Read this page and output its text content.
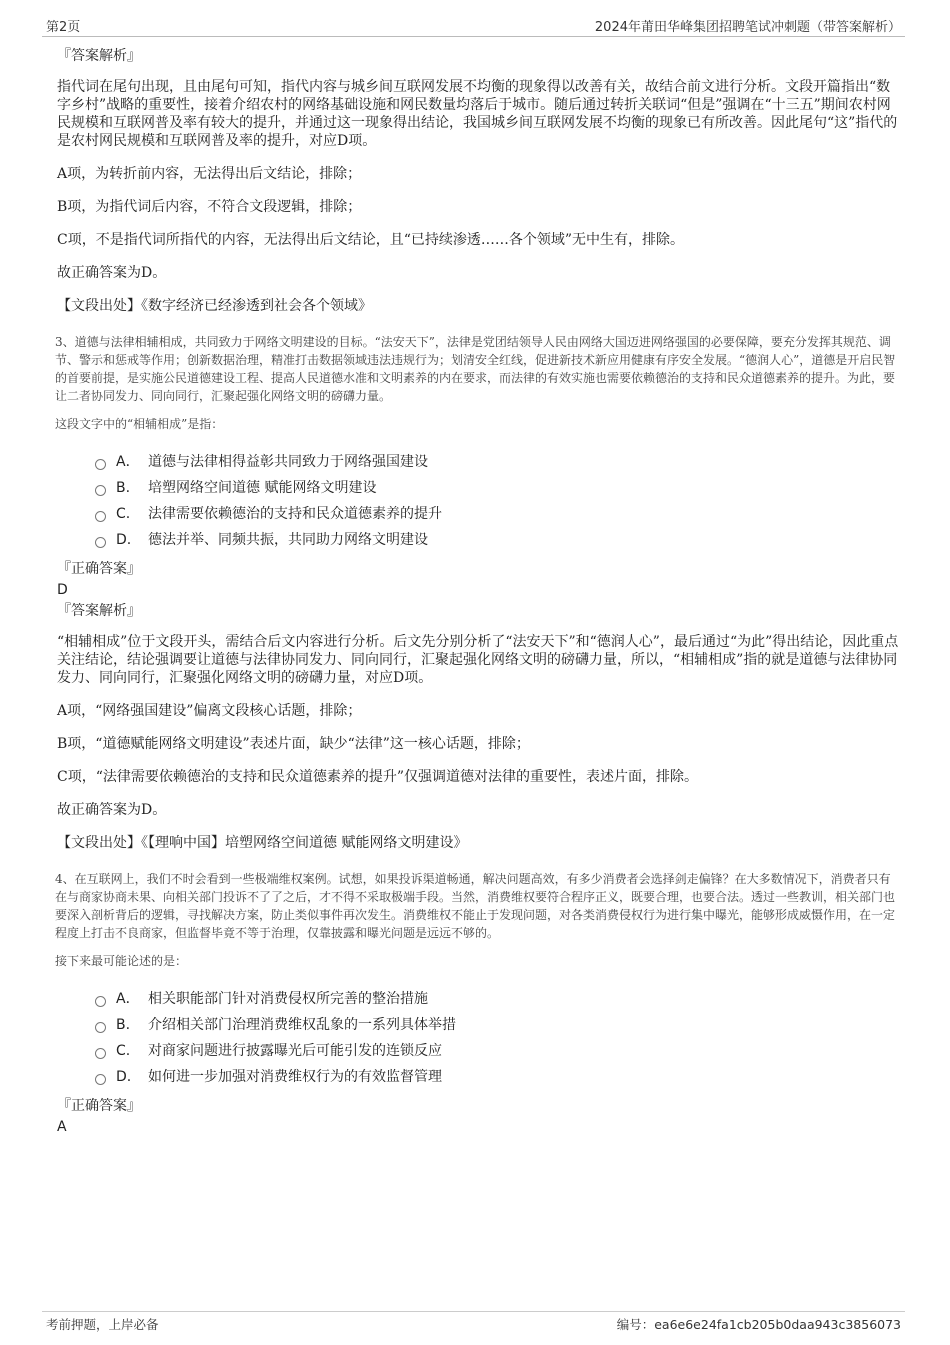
第2页	2024年莆田华峰集团招聘笔试冲刺题（带答案解析）
『答案解析』

指代词在尾句出现，且由尾句可知，指代内容与城乡间互联网发展不均衡的现象得以改善有关，故结合前文进行分析。文段开篇指出“数字乡村”战略的重要性，接着介绍农村的网络基础设施和网民数量均落后于城市。随后通过转折关联词“但是”强调在“十三五”期间农村网民规模和互联网普及率有较大的提升，并通过这一现象得出结论，我国城乡间互联网发展不均衡的现象已有所改善。因此尾句“这”指代的是农村网民规模和互联网普及率的提升，对应D项。

A项，为转折前内容，无法得出后文结论，排除；

B项，为指代词后内容，不符合文段逻辑，排除；

C项，不是指代词所指代的内容，无法得出后文结论，且“已持续渗透……各个领域”无中生有，排除。

故正确答案为D。

【文段出处】《数字经济已经渗透到社会各个领域》

3、道德与法律相辅相成，共同致力于网络文明建设的目标。“法安天下”，法律是党团结领导人民由网络大国迈进网络强国的必要保障，要充分发挥其规范、调节、警示和惩戒等作用；创新数据治理，精准打击数据领域违法违规行为；划清安全红线，促进新技术新应用健康有序安全发展。“德润人心”，道德是开启民智的首要前提，是实施公民道德建设工程、提高人民道德水准和文明素养的内在要求，而法律的有效实施也需要依赖德治的支持和民众道德素养的提升。为此，要让二者协同发力、同向同行，汇聚起强化网络文明的磅礴力量。

这段文字中的“相辅相成”是指：

A． 道德与法律相得益彰共同致力于网络强国建设
B.	培塑网络空间道德 赋能网络文明建设
C.	法律需要依赖德治的支持和民众道德素养的提升
D.	德法并举、同频共振，共同助力网络文明建设
『正确答案』
D
『答案解析』

“相辅相成”位于文段开头，需结合后文内容进行分析。后文先分别分析了“法安天下”和“德润人心”，最后通过“为此”得出结论，因此重点关注结论，结论强调要让道德与法律协同发力、同向同行，汇聚起强化网络文明的磅礴力量，所以，“相辅相成”指的就是道德与法律协同发力、同向同行，汇聚强化网络文明的磅礴力量，对应D项。

A项，“网络强国建设”偏离文段核心话题，排除；

B项，“道德赋能网络文明建设”表述片面，缺少“法律”这一核心话题，排除；

C项，“法律需要依赖德治的支持和民众道德素养的提升”仅强调道德对法律的重要性，表述片面，排除。

故正确答案为D。

【文段出处】《【理响中国】培塑网络空间道德 赋能网络文明建设》

4、在互联网上，我们不时会看到一些极端维权案例。试想，如果投诉渠道畅通，解决问题高效，有多少消费者会选择剑走偏锋？在大多数情况下，消费者只有在与商家协商未果、向相关部门投诉不了了之后，才不得不采取极端手段。当然，消费维权要符合程序正义，既要合理，也要合法。透过一些教训，相关部门也要深入剖析背后的逻辑，寻找解决方案，防止类似事件再次发生。消费维权不能止于发现问题，对各类消费侵权行为进行集中曝光，能够形成威慑作用，在一定程度上打击不良商家，但监督毕竟不等于治理，仅靠披露和曝光问题是远远不够的。

接下来最可能论述的是：

A． 相关职能部门针对消费侵权所完善的整治措施
B.	介绍相关部门治理消费维权乱象的一系列具体举措
C.	对商家问题进行披露曝光后可能引发的连锁反应
D.	如何进一步加强对消费维权行为的有效监督管理
『正确答案』
A
考前押题，上岸必备	编号：ea6e6e24fa1cb205b0daa943c3856073
